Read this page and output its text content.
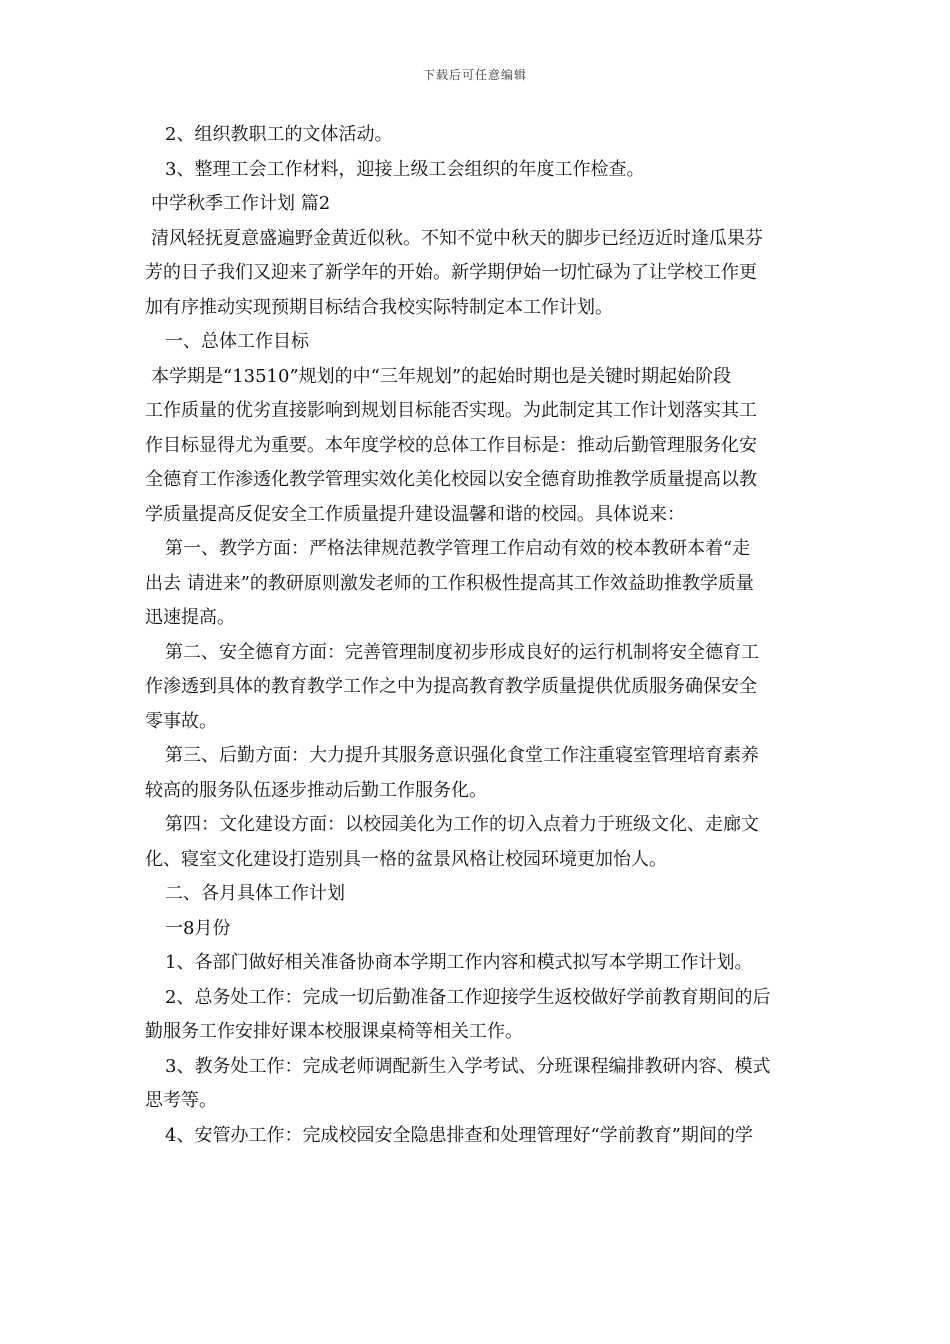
下载后可任意编辑
2、组织教职工的文体活动。
3、整理工会工作材料，迎接上级工会组织的年度工作检查。
中学秋季工作计划 篇2
清风轻抚夏意盛遍野金黄近似秋。不知不觉中秋天的脚步已经迈近时逢瓜果芬
芳的日子我们又迎来了新学年的开始。新学期伊始一切忙碌为了让学校工作更
加有序推动实现预期目标结合我校实际特制定本工作计划。
一、总体工作目标
本学期是“13510”规划的中“三年规划”的起始时期也是关键时期起始阶段
工作质量的优劣直接影响到规划目标能否实现。为此制定其工作计划落实其工
作目标显得尤为重要。本年度学校的总体工作目标是：推动后勤管理服务化安
全德育工作渗透化教学管理实效化美化校园以安全德育助推教学质量提高以教
学质量提高反促安全工作质量提升建设温馨和谐的校园。具体说来：
第一、教学方面：严格法律规范教学管理工作启动有效的校本教研本着“走
出去 请进来”的教研原则激发老师的工作积极性提高其工作效益助推教学质量
迅速提高。
第二、安全德育方面：完善管理制度初步形成良好的运行机制将安全德育工
作渗透到具体的教育教学工作之中为提高教育教学质量提供优质服务确保安全
零事故。
第三、后勤方面：大力提升其服务意识强化食堂工作注重寝室管理培育素养
较高的服务队伍逐步推动后勤工作服务化。
第四：文化建设方面：以校园美化为工作的切入点着力于班级文化、走廊文
化、寝室文化建设打造别具一格的盆景风格让校园环境更加怡人。
二、各月具体工作计划
一8月份
1、各部门做好相关准备协商本学期工作内容和模式拟写本学期工作计划。
2、总务处工作：完成一切后勤准备工作迎接学生返校做好学前教育期间的后
勤服务工作安排好课本校服课桌椅等相关工作。
3、教务处工作：完成老师调配新生入学考试、分班课程编排教研内容、模式
思考等。
4、安管办工作：完成校园安全隐患排查和处理管理好“学前教育”期间的学
